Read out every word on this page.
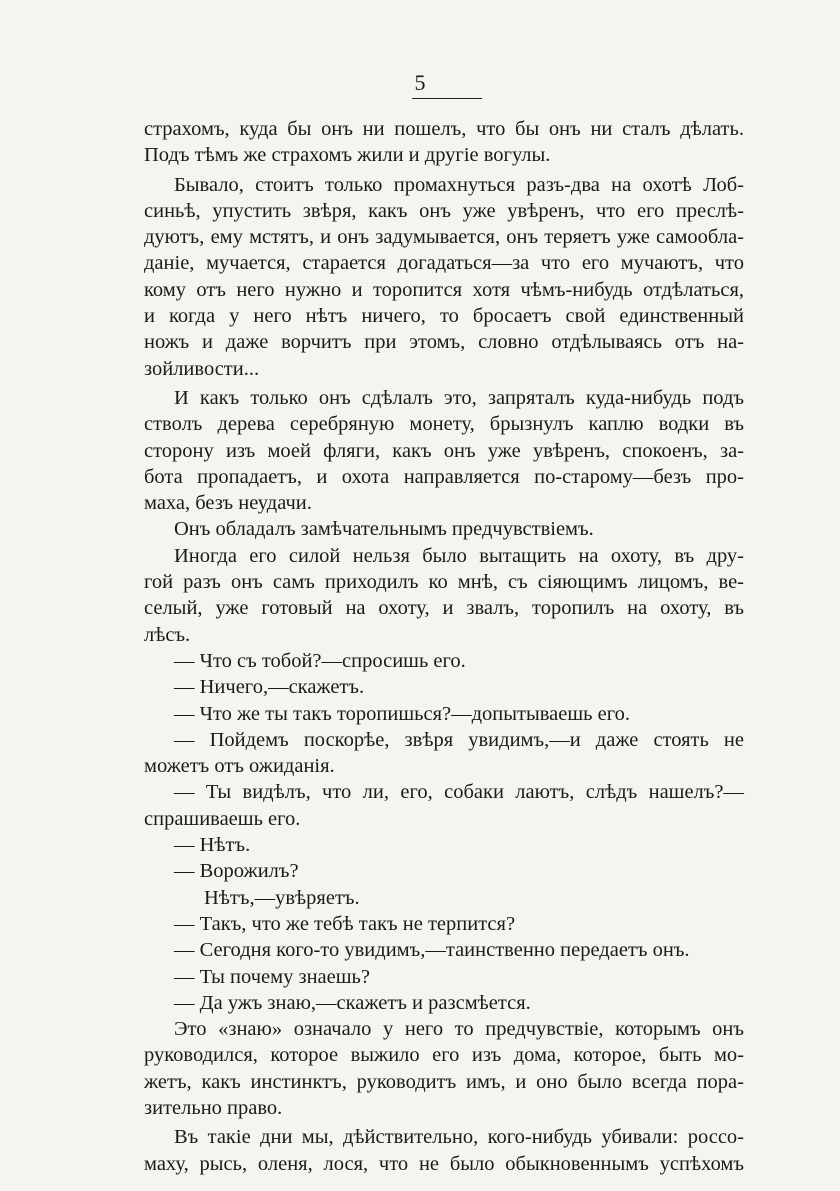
5
страхомъ, куда бы онъ ни пошелъ, что бы онъ ни сталъ дѣлать.
Подъ тѣмъ же страхомъ жили и другіе вогулы.
Бывало, стоитъ только промахнуться разъ-два на охотѣ Лоб-
синьѣ, упустить звѣря, какъ онъ уже увѣренъ, что его преслѣ-
дуютъ, ему мстятъ, и онъ задумывается, онъ теряетъ уже самообла-
даніе, мучается, старается догадаться—за что его мучаютъ, что
кому отъ него нужно и торопится хотя чѣмъ-нибудь отдѣлаться,
и когда у него нѣтъ ничего, то бросаетъ свой единственный
ножъ и даже ворчитъ при этомъ, словно отдѣлываясь отъ на-
зойливости...
И какъ только онъ сдѣлалъ это, запряталъ куда-нибудь подъ
стволъ дерева серебряную монету, брызнулъ каплю водки въ
сторону изъ моей фляги, какъ онъ уже увѣренъ, спокоенъ, за-
бота пропадаетъ, и охота направляется по-старому—безъ про-
маха, безъ неудачи.
Онъ обладалъ замѣчательнымъ предчувствіемъ.
Иногда его силой нельзя было вытащить на охоту, въ дру-
гой разъ онъ самъ приходилъ ко мнѣ, съ сіяющимъ лицомъ, ве-
селый, уже готовый на охоту, и звалъ, торопилъ на охоту, въ
лѣсъ.
— Что съ тобой?—спросишь его.
— Ничего,—скажетъ.
— Что же ты такъ торопишься?—допытываешь его.
— Пойдемъ поскорѣе, звѣря увидимъ,—и даже стоять не
можетъ отъ ожиданія.
— Ты видѣлъ, что ли, его, собаки лаютъ, слѣдъ нашелъ?—
спрашиваешь его.
— Нѣтъ.
— Ворожилъ?
Нѣтъ,—увѣряетъ.
— Такъ, что же тебѣ такъ не терпится?
— Сегодня кого-то увидимъ,—таинственно передаетъ онъ.
— Ты почему знаешь?
— Да ужъ знаю,—скажетъ и разсмѣется.
Это «знаю» означало у него то предчувствіе, которымъ онъ
руководился, которое выжило его изъ дома, которое, быть мо-
жетъ, какъ инстинктъ, руководитъ имъ, и оно было всегда пора-
зительно право.
Въ такіе дни мы, дѣйствительно, кого-нибудь убивали: россо-
маху, рысь, оленя, лося, что не было обыкновеннымъ успѣхомъ
